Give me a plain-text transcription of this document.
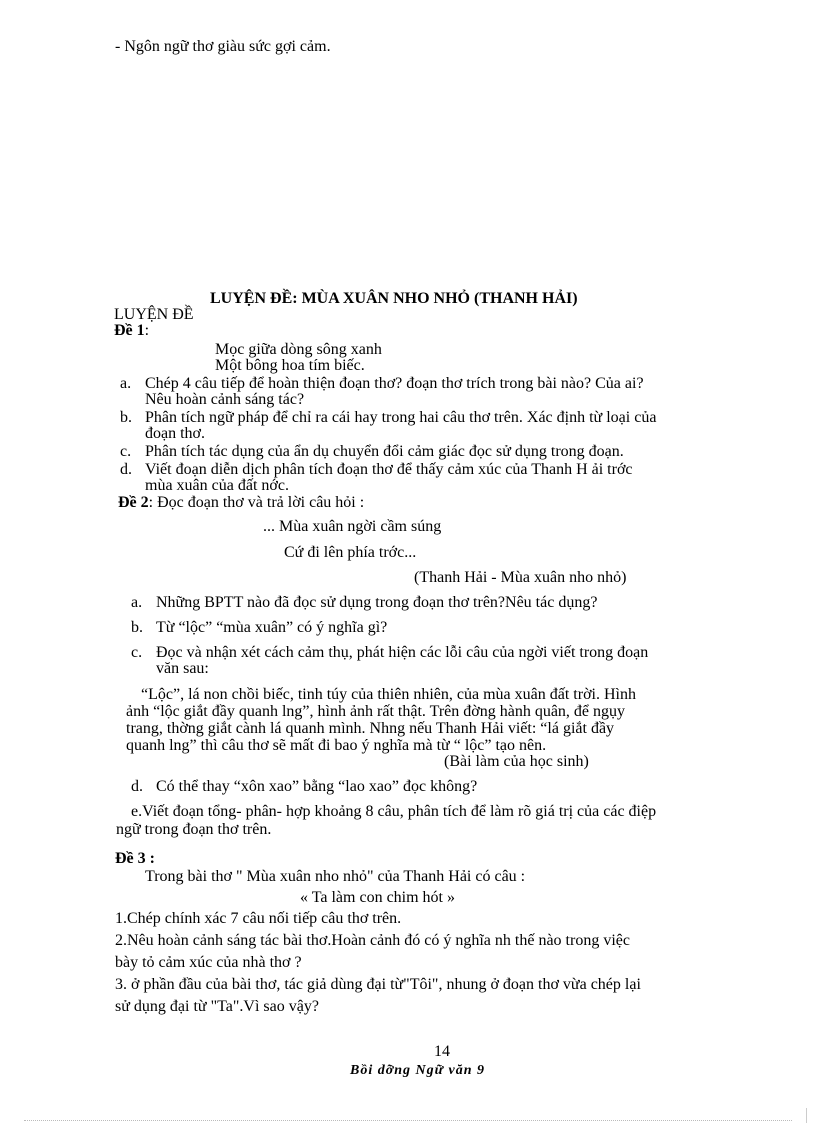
- Ngôn ngữ thơ giàu sức gợi cảm.
LUYỆN ĐỀ: MÙA XUÂN NHO NHỎ (THANH HẢI)
LUYỆN ĐỀ
Đề 1:
Mọc giữa dòng sông xanh
Một bông hoa tím biếc.
a. Chép 4 câu tiếp để hoàn thiện đoạn thơ? đoạn thơ trích trong bài nào? Của ai?
Nêu hoàn cảnh sáng tác?
b. Phân tích ngữ pháp để chỉ ra cái hay trong hai câu thơ trên. Xác định từ loại của
đoạn thơ.
c. Phân tích tác dụng của ẩn dụ chuyển đổi cảm giác đọc sử dụng trong đoạn.
d. Viết đoạn diễn dịch phân tích đoạn thơ để thấy cảm xúc của Thanh H ải trớc
mùa xuân của đất nớc.
Đề 2: Đọc đoạn thơ và trả lời câu hỏi :
... Mùa xuân ngời cầm súng
Cứ đi lên phía trớc...
(Thanh Hải - Mùa xuân nho nhỏ)
a. Những BPTT nào đã đọc sử dụng trong đoạn thơ trên?Nêu tác dụng?
b. Từ “lộc” “mùa xuân” có ý nghĩa gì?
c. Đọc và nhận xét cách cảm thụ, phát hiện các lỗi câu của ngời viết trong đoạn
văn sau:
“Lộc”, lá non chồi biếc, tinh túy của thiên nhiên, của mùa xuân đất trời. Hình
ảnh “lộc giắt đầy quanh lng”, hình ảnh rất thật. Trên đờng hành quân, để ngụy
trang, thờng giắt cành lá quanh mình. Nhng nếu Thanh Hải viết: “lá giắt đầy
quanh lng” thì câu thơ sẽ mất đi bao ý nghĩa mà từ “ lộc” tạo nên.
(Bài làm của học sinh)
d. Có thể thay “xôn xao” bằng “lao xao” đọc không?
e.Viết đoạn tổng- phân- hợp khoảng 8 câu, phân tích để làm rõ giá trị của các điệp
ngữ trong đoạn thơ trên.
Đề 3 :
Trong bài thơ " Mùa xuân nho nhỏ" của Thanh Hải có câu :
« Ta làm con chim hót »
1.Chép chính xác 7 câu nối tiếp câu thơ trên.
2.Nêu hoàn cảnh sáng tác bài thơ.Hoàn cảnh đó có ý nghĩa nh thế nào trong việc
bày tỏ cảm xúc của nhà thơ ?
3. ở phần đầu của bài thơ, tác giả dùng đại từ"Tôi", nhung ở đoạn thơ vừa chép lại
sử dụng đại từ "Ta".Vì sao vậy?
14
Bồi dỡng Ngữ văn 9
